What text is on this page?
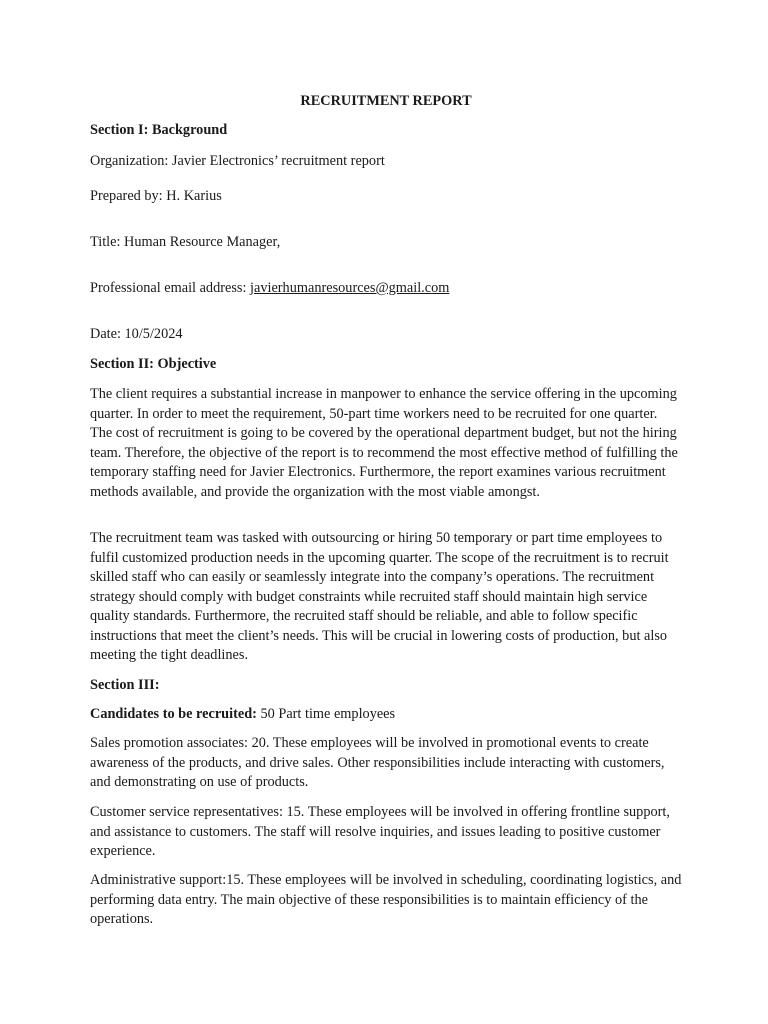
RECRUITMENT REPORT
Section I: Background
Organization: Javier Electronics’ recruitment report
Prepared by: H. Karius
Title: Human Resource Manager,
Professional email address: javierhumanresources@gmail.com
Date: 10/5/2024
Section II: Objective
The client requires a substantial increase in manpower to enhance the service offering in the upcoming quarter. In order to meet the requirement, 50-part time workers need to be recruited for one quarter. The cost of recruitment is going to be covered by the operational department budget, but not the hiring team. Therefore, the objective of the report is to recommend the most effective method of fulfilling the temporary staffing need for Javier Electronics. Furthermore, the report examines various recruitment methods available, and provide the organization with the most viable amongst.
The recruitment team was tasked with outsourcing or hiring 50 temporary or part time employees to fulfil customized production needs in the upcoming quarter. The scope of the recruitment is to recruit skilled staff who can easily or seamlessly integrate into the company’s operations. The recruitment strategy should comply with budget constraints while recruited staff should maintain high service quality standards. Furthermore, the recruited staff should be reliable, and able to follow specific instructions that meet the client’s needs. This will be crucial in lowering costs of production, but also meeting the tight deadlines.
Section III:
Candidates to be recruited: 50 Part time employees
Sales promotion associates: 20. These employees will be involved in promotional events to create awareness of the products, and drive sales. Other responsibilities include interacting with customers, and demonstrating on use of products.
Customer service representatives: 15. These employees will be involved in offering frontline support, and assistance to customers. The staff will resolve inquiries, and issues leading to positive customer experience.
Administrative support:15. These employees will be involved in scheduling, coordinating logistics, and performing data entry. The main objective of these responsibilities is to maintain efficiency of the operations.
